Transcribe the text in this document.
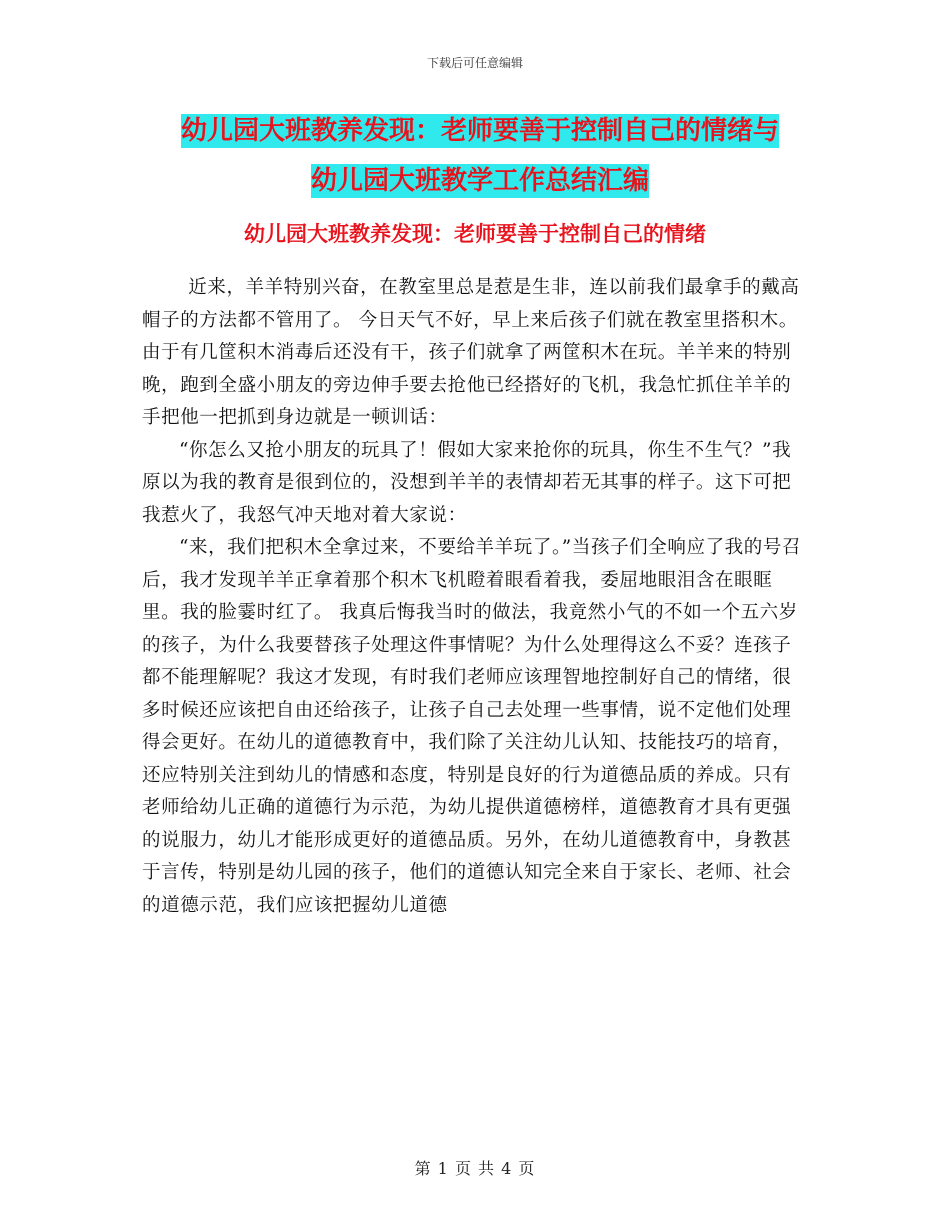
下载后可任意编辑
幼儿园大班教养发现：老师要善于控制自己的情绪与
幼儿园大班教学工作总结汇编
幼儿园大班教养发现：老师要善于控制自己的情绪

近来，羊羊特别兴奋，在教室里总是惹是生非，连以前我们最拿手的戴高帽子的方法都不管用了。 今日天气不好，早上来后孩子们就在教室里搭积木。由于有几筐积木消毒后还没有干，孩子们就拿了两筐积木在玩。羊羊来的特别晚，跑到全盛小朋友的旁边伸手要去抢他已经搭好的飞机，我急忙抓住羊羊的手把他一把抓到身边就是一顿训话：

“你怎么又抢小朋友的玩具了！假如大家来抢你的玩具，你生不生气？”我原以为我的教育是很到位的，没想到羊羊的表情却若无其事的样子。这下可把我惹火了，我怒气冲天地对着大家说：

“来，我们把积木全拿过来，不要给羊羊玩了。”当孩子们全响应了我的号召后，我才发现羊羊正拿着那个积木飞机瞪着眼看着我，委屈地眼泪含在眼眶里。我的脸霎时红了。 我真后悔我当时的做法，我竟然小气的不如一个五六岁的孩子，为什么我要替孩子处理这件事情呢？为什么处理得这么不妥？连孩子都不能理解呢？我这才发现，有时我们老师应该理智地控制好自己的情绪，很多时候还应该把自由还给孩子，让孩子自己去处理一些事情，说不定他们处理得会更好。在幼儿的道德教育中，我们除了关注幼儿认知、技能技巧的培育，还应特别关注到幼儿的情感和态度，特别是良好的行为道德品质的养成。只有老师给幼儿正确的道德行为示范，为幼儿提供道德榜样，道德教育才具有更强的说服力，幼儿才能形成更好的道德品质。另外，在幼儿道德教育中，身教甚于言传，特别是幼儿园的孩子，他们的道德认知完全来自于家长、老师、社会的道德示范，我们应该把握幼儿道德

第 1 页 共 4 页
